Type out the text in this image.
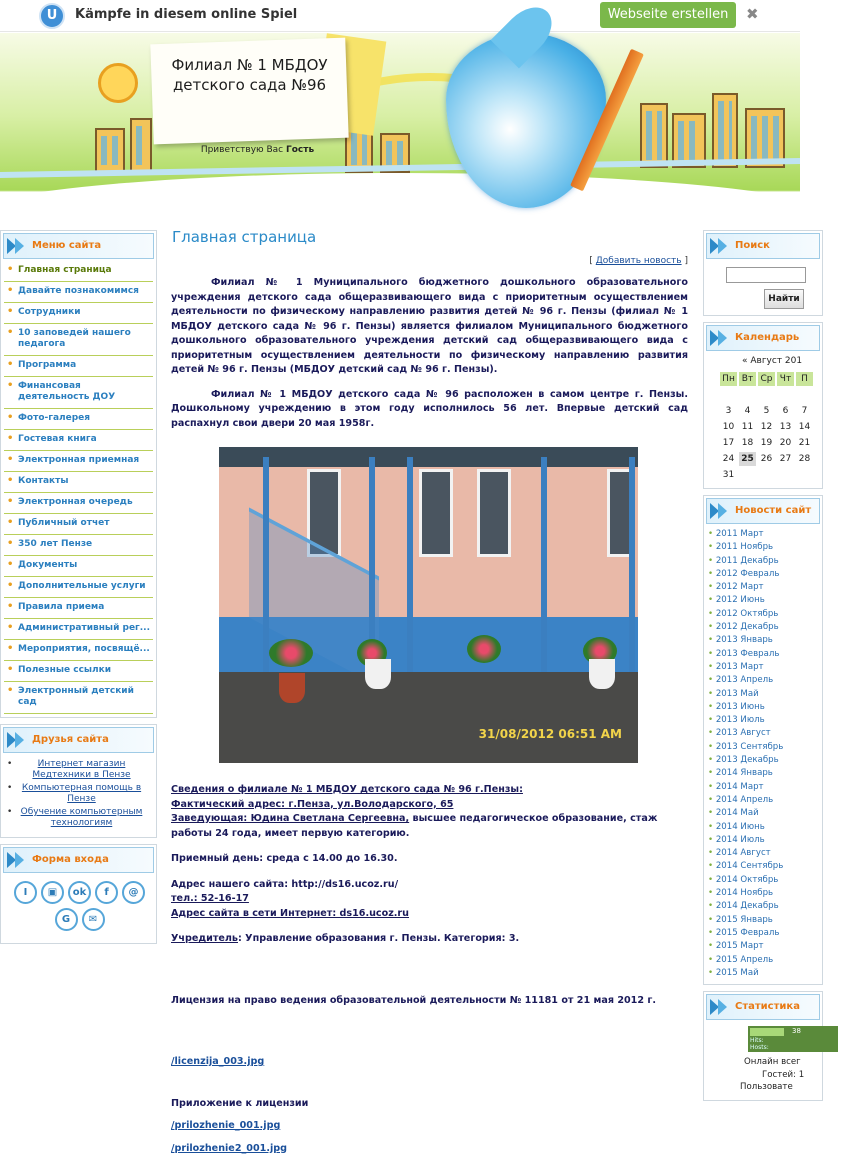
U	Kämpfe in diesem online Spiel	Webseite erstellen	✖
Филиал № 1 МБДОУ
детского сада №96
Приветствую Вас Гость
Меню сайта
• Главная страница
• Давайте познакомимся
• Сотрудники
• 10 заповедей нашего педагога
• Программа
• Финансовая деятельность ДОУ
• Фото-галерея
• Гостевая книга
• Электронная приемная
• Контакты
• Электронная очередь
• Публичный отчет
• 350 лет Пензе
• Документы
• Дополнительные услуги
• Правила приема
• Административный рег...
• Мероприятия, посвящё...
• Полезные ссылки
• Электронный детский сад
Друзья сайта
• Интернет магазин Медтехники в Пензе
• Компьютерная помощь в Пензе
• Обучение компьютерным технологиям
Форма входа
I	▣	ok	f	@
G	✉
Главная страница
[ Добавить новость ]

Филиал № 1 Муниципального бюджетного дошкольного образовательного учреждения детского сада общеразвивающего вида с приоритетным осуществлением деятельности по физическому направлению развития детей № 96 г. Пензы (филиал № 1 МБДОУ детского сада № 96 г. Пензы) является филиалом Муниципального бюджетного дошкольного образовательного учреждения детский сад общеразвивающего вида с приоритетным осуществлением деятельности по физическому направлению развития детей № 96 г. Пензы (МБДОУ детский сад № 96 г. Пензы).

Филиал № 1 МБДОУ детского сада № 96 расположен в самом центре г. Пензы. Дошкольному учреждению в этом году исполнилось 56 лет. Впервые детский сад распахнул свои двери 20 мая 1958г.

31/08/2012 06:51 AM

Сведения о филиале № 1 МБДОУ детского сада № 96 г.Пензы:

Фактический адрес: г.Пенза, ул.Володарского, 65

Заведующая: Юдина Светлана Сергеевна, высшее педагогическое образование, стаж работы 24 года, имеет первую категорию.

Приемный день: среда с 14.00 до 16.30.

Адрес нашего сайта: http://ds16.ucoz.ru/

тел.: 52-16-17

Адрес сайта в сети Интернет: ds16.ucoz.ru

Учредитель: Управление образования г. Пензы. Категория: 3.

Лицензия на право ведения образовательной деятельности № 11181 от 21 мая 2012 г.

/licenzija_003.jpg

Приложение к лицензии

/prilozhenie_001.jpg

/prilozhenie2_001.jpg

Поиск
Найти
Календарь
« Август 201
Пн	Вт	Ср	Чт	П

3	4	5	6	7
10	11	12	13	14
17	18	19	20	21
24	25	26	27	28
31				
Новости сайт
• 2011 Март
• 2011 Ноябрь
• 2011 Декабрь
• 2012 Февраль
• 2012 Март
• 2012 Июнь
• 2012 Октябрь
• 2012 Декабрь
• 2013 Январь
• 2013 Февраль
• 2013 Март
• 2013 Апрель
• 2013 Май
• 2013 Июнь
• 2013 Июль
• 2013 Август
• 2013 Сентябрь
• 2013 Декабрь
• 2014 Январь
• 2014 Март
• 2014 Апрель
• 2014 Май
• 2014 Июнь
• 2014 Июль
• 2014 Август
• 2014 Сентябрь
• 2014 Октябрь
• 2014 Ноябрь
• 2014 Декабрь
• 2015 Январь
• 2015 Февраль
• 2015 Март
• 2015 Апрель
• 2015 Май
Статистика
38
Hits:
Hosts:
Онлайн всег
Гостей: 1
Пользовате
